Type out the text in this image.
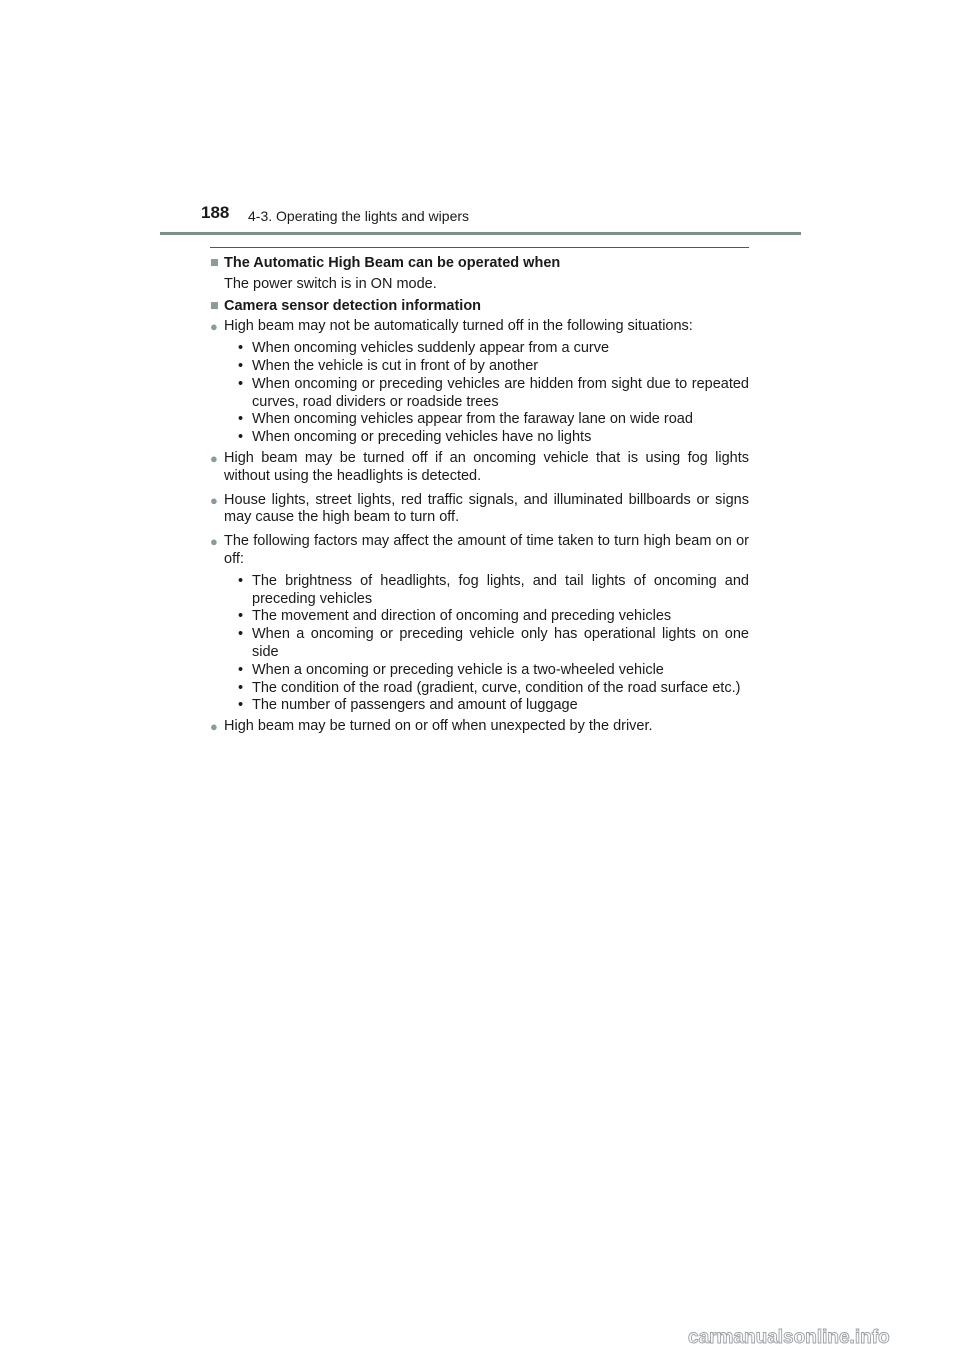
188 4-3. Operating the lights and wipers
■ The Automatic High Beam can be operated when
The power switch is in ON mode.
■ Camera sensor detection information
● High beam may not be automatically turned off in the following situations:
• When oncoming vehicles suddenly appear from a curve
• When the vehicle is cut in front of by another
• When oncoming or preceding vehicles are hidden from sight due to repeated curves, road dividers or roadside trees
• When oncoming vehicles appear from the faraway lane on wide road
• When oncoming or preceding vehicles have no lights
● High beam may be turned off if an oncoming vehicle that is using fog lights without using the headlights is detected.
● House lights, street lights, red traffic signals, and illuminated billboards or signs may cause the high beam to turn off.
● The following factors may affect the amount of time taken to turn high beam on or off:
• The brightness of headlights, fog lights, and tail lights of oncoming and preceding vehicles
• The movement and direction of oncoming and preceding vehicles
• When a oncoming or preceding vehicle only has operational lights on one side
• When a oncoming or preceding vehicle is a two-wheeled vehicle
• The condition of the road (gradient, curve, condition of the road surface etc.)
• The number of passengers and amount of luggage
● High beam may be turned on or off when unexpected by the driver.
carmanualsonline.info
